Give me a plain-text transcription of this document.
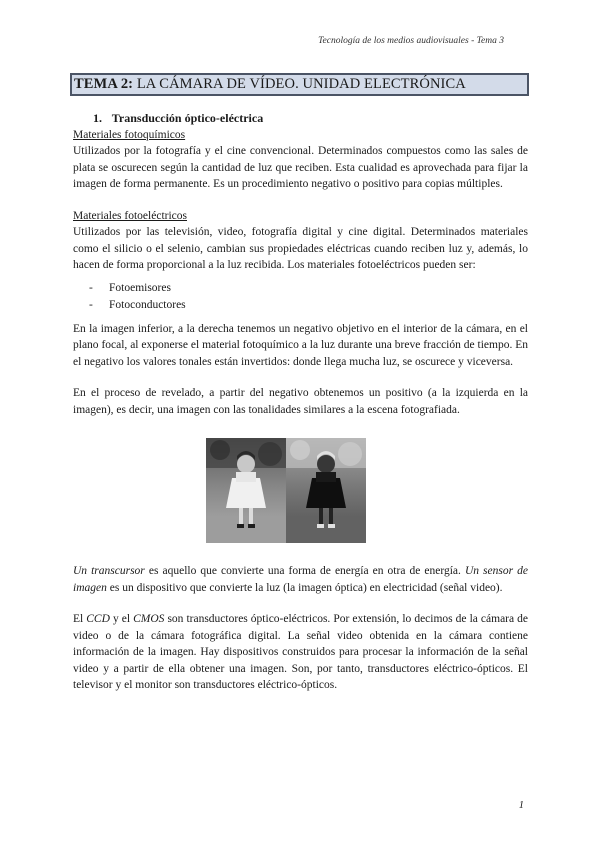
Tecnología de los medios audiovisuales - Tema 3
TEMA 2: LA CÁMARA DE VÍDEO. UNIDAD ELECTRÓNICA
1. Transducción óptico-eléctrica
Materiales fotoquímicos

Utilizados por la fotografía y el cine convencional. Determinados compuestos como las sales de plata se oscurecen según la cantidad de luz que reciben. Esta cualidad es aprovechada para fijar la imagen de forma permanente. Es un procedimiento negativo o positivo para copias múltiples.

Materiales fotoeléctricos

Utilizados por las televisión, video, fotografía digital y cine digital. Determinados materiales como el silicio o el selenio, cambian sus propiedades eléctricas cuando reciben luz y, además, lo hacen de forma proporcional a la luz recibida. Los materiales fotoeléctricos pueden ser:

- Fotoemisores
- Fotoconductores

En la imagen inferior, a la derecha tenemos un negativo objetivo en el interior de la cámara, en el plano focal, al exponerse el material fotoquímico a la luz durante una breve fracción de tiempo. En el negativo los valores tonales están invertidos: donde llega mucha luz, se oscurece y viceversa.

En el proceso de revelado, a partir del negativo obtenemos un positivo (a la izquierda en la imagen), es decir, una imagen con las tonalidades similares a la escena fotografiada.

Un transcursor es aquello que convierte una forma de energía en otra de energía. Un sensor de imagen es un dispositivo que convierte la luz (la imagen óptica) en electricidad (señal video).

El CCD y el CMOS son transductores óptico-eléctricos. Por extensión, lo decimos de la cámara de video o de la cámara fotográfica digital. La señal video obtenida en la cámara contiene información de la imagen. Hay dispositivos construidos para procesar la información de la señal video y a partir de ella obtener una imagen. Son, por tanto, transductores eléctrico-ópticos. El televisor y el monitor son transductores eléctrico-ópticos.

1
